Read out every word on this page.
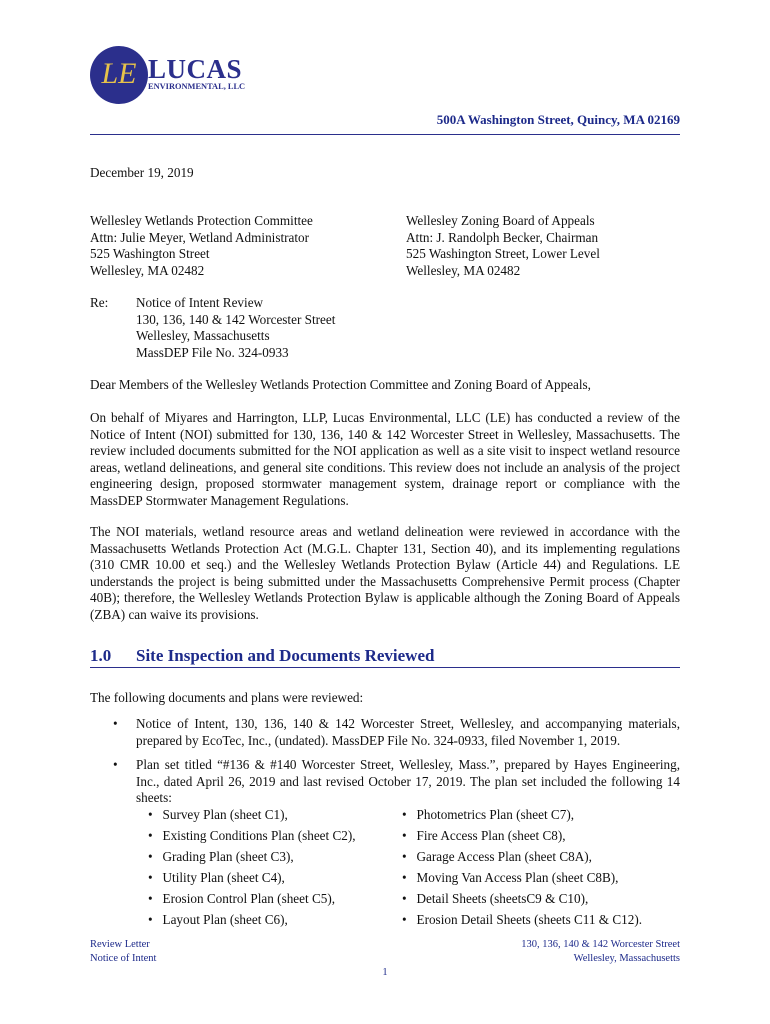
LE LUCAS
ENVIRONMENTAL, LLC
500A Washington Street, Quincy, MA 02169
December 19, 2019

Wellesley Wetlands Protection Committee

Attn: Julie Meyer, Wetland Administrator

525 Washington Street

Wellesley, MA 02482

Wellesley Zoning Board of Appeals

Attn: J. Randolph Becker, Chairman

525 Washington Street, Lower Level

Wellesley, MA 02482

Re: Notice of Intent Review

130, 136, 140 & 142 Worcester Street

Wellesley, Massachusetts

MassDEP File No. 324-0933

Dear Members of the Wellesley Wetlands Protection Committee and Zoning Board of Appeals,

On behalf of Miyares and Harrington, LLP, Lucas Environmental, LLC (LE) has conducted a review of the Notice of Intent (NOI) submitted for 130, 136, 140 & 142 Worcester Street in Wellesley, Massachusetts. The review included documents submitted for the NOI application as well as a site visit to inspect wetland resource areas, wetland delineations, and general site conditions. This review does not include an analysis of the project engineering design, proposed stormwater management system, drainage report or compliance with the MassDEP Stormwater Management Regulations.

The NOI materials, wetland resource areas and wetland delineation were reviewed in accordance with the Massachusetts Wetlands Protection Act (M.G.L. Chapter 131, Section 40), and its implementing regulations (310 CMR 10.00 et seq.) and the Wellesley Wetlands Protection Bylaw (Article 44) and Regulations. LE understands the project is being submitted under the Massachusetts Comprehensive Permit process (Chapter 40B); therefore, the Wellesley Wetlands Protection Bylaw is applicable although the Zoning Board of Appeals (ZBA) can waive its provisions.

1.0 Site Inspection and Documents Reviewed
The following documents and plans were reviewed:
• Notice of Intent, 130, 136, 140 & 142 Worcester Street, Wellesley, and accompanying materials, prepared by EcoTec, Inc., (undated). MassDEP File No. 324-0933, filed November 1, 2019.

• Plan set titled “#136 & #140 Worcester Street, Wellesley, Mass.”, prepared by Hayes Engineering, Inc., dated April 26, 2019 and last revised October 17, 2019. The plan set included the following 14 sheets:

• Survey Plan (sheet C1),
• Existing Conditions Plan (sheet C2),
• Grading Plan (sheet C3),
• Utility Plan (sheet C4),
• Erosion Control Plan (sheet C5),
• Layout Plan (sheet C6),
• Photometrics Plan (sheet C7),
• Fire Access Plan (sheet C8),
• Garage Access Plan (sheet C8A),
• Moving Van Access Plan (sheet C8B),
• Detail Sheets (sheetsC9 & C10),
• Erosion Detail Sheets (sheets C11 & C12).
Review Letter
Notice of Intent
130, 136, 140 & 142 Worcester Street
Wellesley, Massachusetts
1
